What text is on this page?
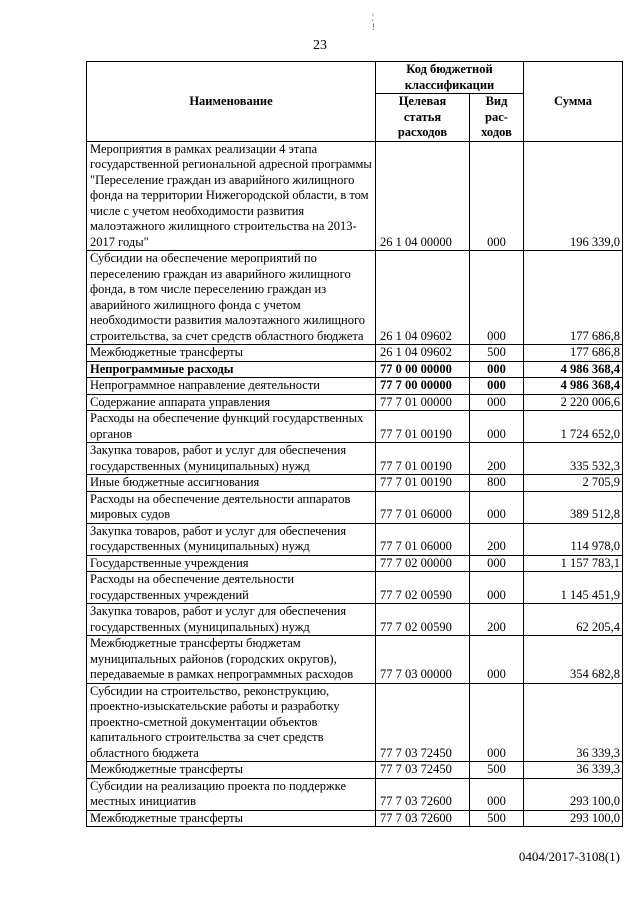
¦
!
23
Наименование	Код бюджетной классификации		Сумма
	Целевая статья расходов	Вид рас-ходов	
Мероприятия в рамках реализации 4 этапа государственной региональной адресной программы "Переселение граждан из аварийного жилищного фонда на территории Нижегородской области, в том числе с учетом необходимости развития малоэтажного жилищного строительства на 2013-2017 годы"	26 1 04 00000	000	196 339,0
Субсидии на обеспечение мероприятий по переселению граждан из аварийного жилищного фонда, в том числе переселению граждан из аварийного жилищного фонда с учетом необходимости развития малоэтажного жилищного строительства, за счет средств областного бюджета	26 1 04 09602	000	177 686,8
Межбюджетные трансферты	26 1 04 09602	500	177 686,8
Непрограммные расходы	77 0 00 00000	000	4 986 368,4
Непрограммное направление деятельности	77 7 00 00000	000	4 986 368,4
Содержание аппарата управления	77 7 01 00000	000	2 220 006,6
Расходы на обеспечение функций государственных органов	77 7 01 00190	000	1 724 652,0
Закупка товаров, работ и услуг для обеспечения государственных (муниципальных) нужд	77 7 01 00190	200	335 532,3
Иные бюджетные ассигнования	77 7 01 00190	800	2 705,9
Расходы на обеспечение деятельности аппаратов мировых судов	77 7 01 06000	000	389 512,8
Закупка товаров, работ и услуг для обеспечения государственных (муниципальных) нужд	77 7 01 06000	200	114 978,0
Государственные учреждения	77 7 02 00000	000	1 157 783,1
Расходы на обеспечение деятельности государственных учреждений	77 7 02 00590	000	1 145 451,9
Закупка товаров, работ и услуг для обеспечения государственных (муниципальных) нужд	77 7 02 00590	200	62 205,4
Межбюджетные трансферты бюджетам муниципальных районов (городских округов), передаваемые в рамках непрограммных расходов	77 7 03 00000	000	354 682,8
Субсидии на строительство, реконструкцию, проектно-изыскательские работы и разработку проектно-сметной документации объектов капитального строительства за счет средств областного бюджета	77 7 03 72450	000	36 339,3
Межбюджетные трансферты	77 7 03 72450	500	36 339,3
Субсидии на реализацию проекта по поддержке местных инициатив	77 7 03 72600	000	293 100,0
Межбюджетные трансферты	77 7 03 72600	500	293 100,0
0404/2017-3108(1)
